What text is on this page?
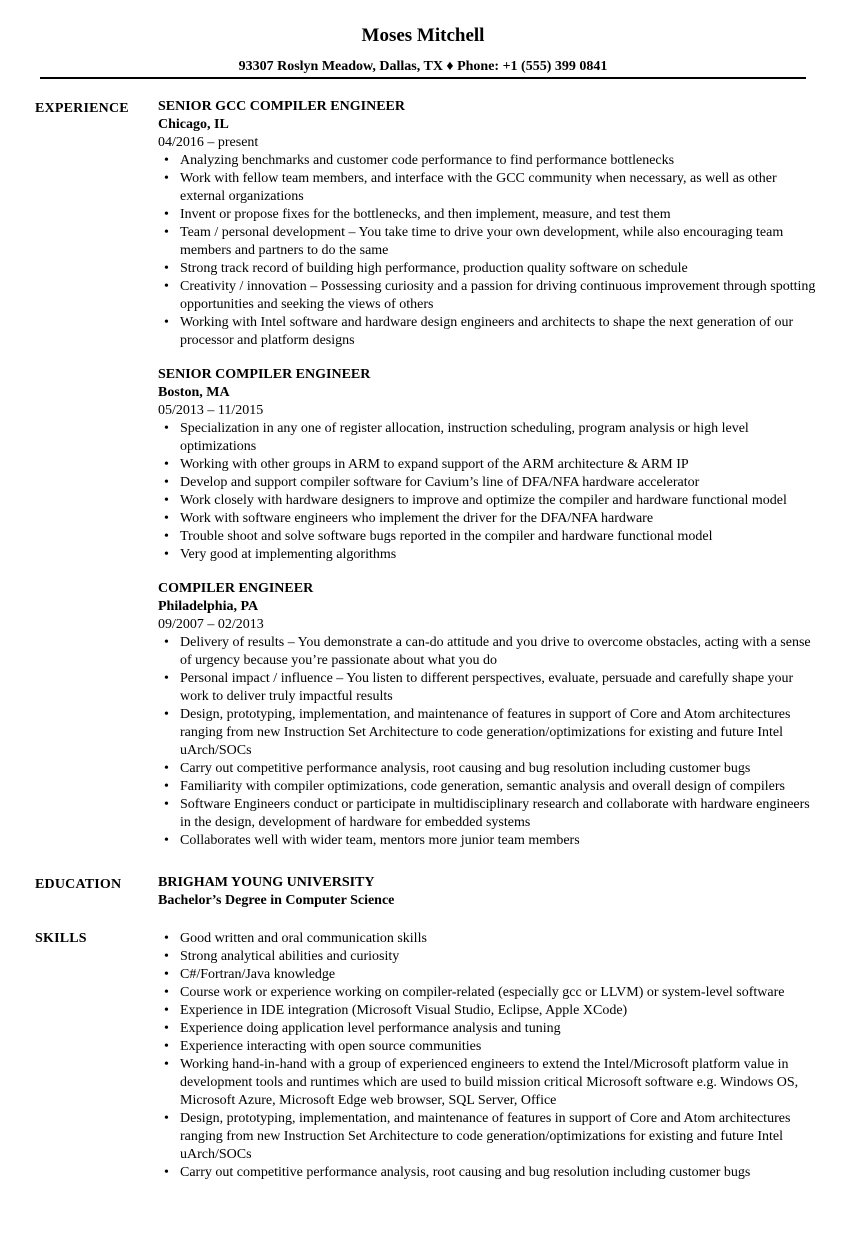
Moses Mitchell
93307 Roslyn Meadow, Dallas, TX ♦ Phone: +1 (555) 399 0841
EXPERIENCE SENIOR GCC COMPILER ENGINEER
Chicago, IL
04/2016 – present
• Analyzing benchmarks and customer code performance to find performance bottlenecks
• Work with fellow team members, and interface with the GCC community when necessary, as well as other external organizations
• Invent or propose fixes for the bottlenecks, and then implement, measure, and test them
• Team / personal development – You take time to drive your own development, while also encouraging team members and partners to do the same
• Strong track record of building high performance, production quality software on schedule
• Creativity / innovation – Possessing curiosity and a passion for driving continuous improvement through spotting opportunities and seeking the views of others
• Working with Intel software and hardware design engineers and architects to shape the next generation of our processor and platform designs
SENIOR COMPILER ENGINEER
Boston, MA
05/2013 – 11/2015
• Specialization in any one of register allocation, instruction scheduling, program analysis or high level optimizations
• Working with other groups in ARM to expand support of the ARM architecture & ARM IP
• Develop and support compiler software for Cavium’s line of DFA/NFA hardware accelerator
• Work closely with hardware designers to improve and optimize the compiler and hardware functional model
• Work with software engineers who implement the driver for the DFA/NFA hardware
• Trouble shoot and solve software bugs reported in the compiler and hardware functional model
• Very good at implementing algorithms
COMPILER ENGINEER
Philadelphia, PA
09/2007 – 02/2013
• Delivery of results – You demonstrate a can-do attitude and you drive to overcome obstacles, acting with a sense of urgency because you’re passionate about what you do
• Personal impact / influence – You listen to different perspectives, evaluate, persuade and carefully shape your work to deliver truly impactful results
• Design, prototyping, implementation, and maintenance of features in support of Core and Atom architectures ranging from new Instruction Set Architecture to code generation/optimizations for existing and future Intel uArch/SOCs
• Carry out competitive performance analysis, root causing and bug resolution including customer bugs
• Familiarity with compiler optimizations, code generation, semantic analysis and overall design of compilers
• Software Engineers conduct or participate in multidisciplinary research and collaborate with hardware engineers in the design, development of hardware for embedded systems
• Collaborates well with wider team, mentors more junior team members
EDUCATION	BRIGHAM YOUNG UNIVERSITY
Bachelor’s Degree in Computer Science
SKILLS
•	Good written and oral communication skills
• Strong analytical abilities and curiosity
• C#/Fortran/Java knowledge
• Course work or experience working on compiler-related (especially gcc or LLVM) or system-level software
• Experience in IDE integration (Microsoft Visual Studio, Eclipse, Apple XCode)
• Experience doing application level performance analysis and tuning
• Experience interacting with open source communities
• Working hand-in-hand with a group of experienced engineers to extend the Intel/Microsoft platform value in development tools and runtimes which are used to build mission critical Microsoft software e.g. Windows OS, Microsoft Azure, Microsoft Edge web browser, SQL Server, Office
• Design, prototyping, implementation, and maintenance of features in support of Core and Atom architectures ranging from new Instruction Set Architecture to code generation/optimizations for existing and future Intel uArch/SOCs
• Carry out competitive performance analysis, root causing and bug resolution including customer bugs
